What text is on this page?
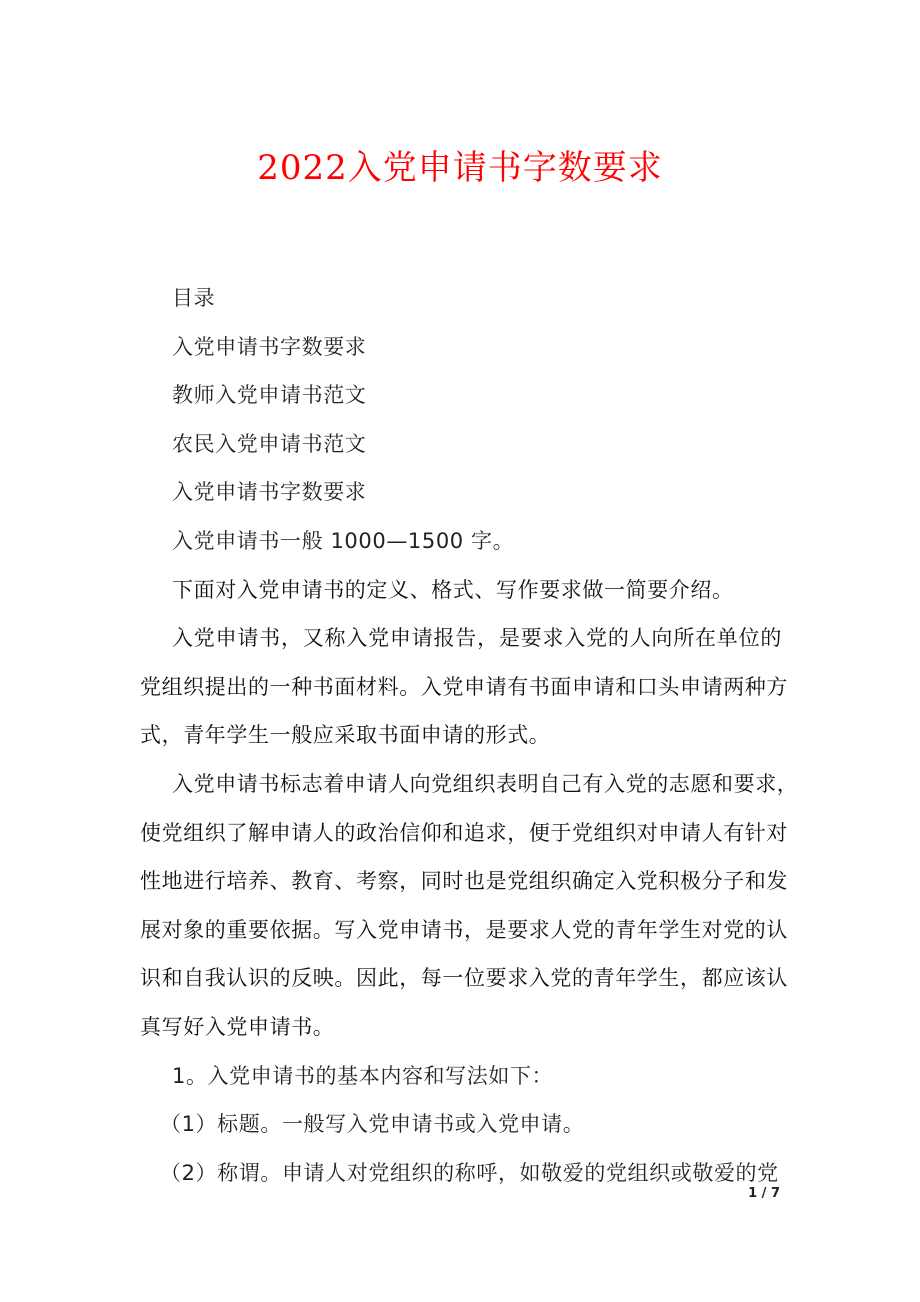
2022入党申请书字数要求
目录
入党申请书字数要求
教师入党申请书范文
农民入党申请书范文
入党申请书字数要求
入党申请书一般 1000—1500 字。
下面对入党申请书的定义、格式、写作要求做一简要介绍。
入党申请书，又称入党申请报告，是要求入党的人向所在单位的
党组织提出的一种书面材料。入党申请有书面申请和口头申请两种方
式，青年学生一般应采取书面申请的形式。
入党申请书标志着申请人向党组织表明自己有入党的志愿和要求，
使党组织了解申请人的政治信仰和追求，便于党组织对申请人有针对
性地进行培养、教育、考察，同时也是党组织确定入党积极分子和发
展对象的重要依据。写入党申请书，是要求人党的青年学生对党的认
识和自我认识的反映。因此，每一位要求入党的青年学生，都应该认
真写好入党申请书。
1。入党申请书的基本内容和写法如下：
（1）标题。一般写入党申请书或入党申请。
（2）称谓。申请人对党组织的称呼，如敬爱的党组织或敬爱的党
1 / 7
